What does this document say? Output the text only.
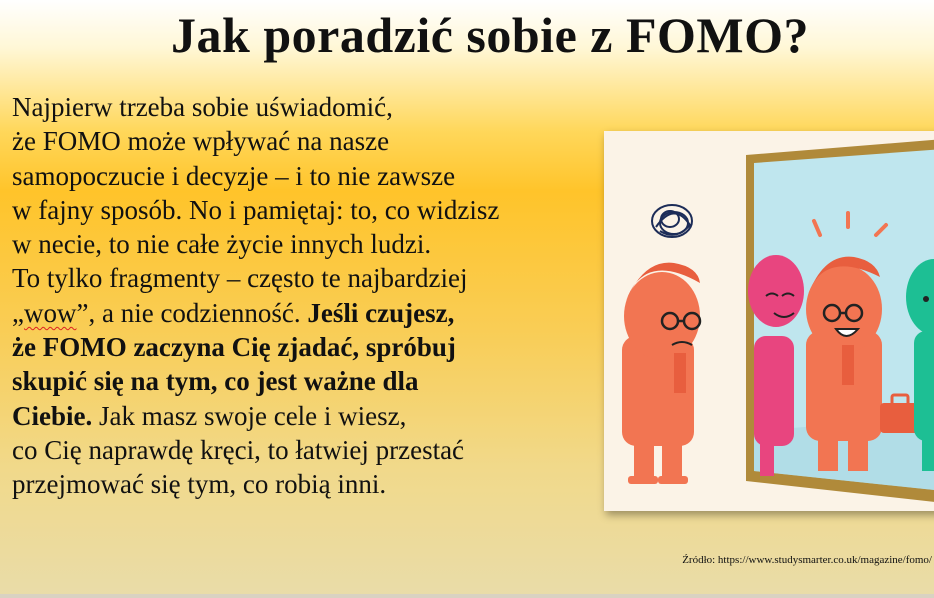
Jak poradzić sobie z FOMO?
Najpierw trzeba sobie uświadomić,
że FOMO może wpływać na nasze
samopoczucie i decyzje – i to nie zawsze
w fajny sposób. No i pamiętaj: to, co widzisz
w necie, to nie całe życie innych ludzi.
To tylko fragmenty – często te najbardziej
„wow”, a nie codzienność. Jeśli czujesz,
że FOMO zaczyna Cię zjadać, spróbuj
skupić się na tym, co jest ważne dla
Ciebie. Jak masz swoje cele i wiesz,
co Cię naprawdę kręci, to łatwiej przestać
przejmować się tym, co robią inni.
Źródło: https://www.studysmarter.co.uk/magazine/fomo/
